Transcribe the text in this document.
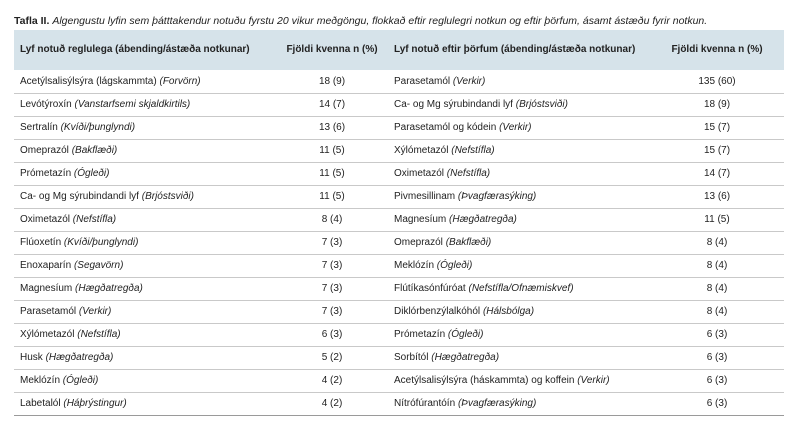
Tafla II. Algengustu lyfin sem þátttakendur notuðu fyrstu 20 vikur meðgöngu, flokkað eftir reglulegri notkun og eftir þörfum, ásamt ástæðu fyrir notkun.
Lyf notuð reglulega (ábending/ástæða notkunar)	Fjöldi kvenna n (%)	Lyf notuð eftir þörfum (ábending/ástæða notkunar)	Fjöldi kvenna n (%)
Acetýlsalisýlsýra (lágskammta) (Forvörn)	18 (9)	Parasetamól (Verkir)	135 (60)
Levótýroxín (Vanstarfsemi skjaldkirtils)	14 (7)	Ca- og Mg sýrubindandi lyf (Brjóstsviði)	18 (9)
Sertralín (Kvíði/þunglyndi)	13 (6)	Parasetamól og kódein (Verkir)	15 (7)
Omeprazól (Bakflæði)	11 (5)	Xýlómetazól (Nefstífla)	15 (7)
Prómetazín (Ógleði)	11 (5)	Oximetazól (Nefstífla)	14 (7)
Ca- og Mg sýrubindandi lyf (Brjóstsviði)	11 (5)	Pivmesillinam (Þvagfærasýking)	13 (6)
Oximetazól (Nefstífla)	8 (4)	Magnesíum (Hægðatregða)	11 (5)
Flúoxetín (Kvíði/þunglyndi)	7 (3)	Omeprazól (Bakflæði)	8 (4)
Enoxaparín (Segavörn)	7 (3)	Meklózín (Ógleði)	8 (4)
Magnesíum (Hægðatregða)	7 (3)	Flútíkasónfúróat (Nefstífla/Ofnæmiskvef)	8 (4)
Parasetamól (Verkir)	7 (3)	Diklórbenzýlalkóhól (Hálsbólga)	8 (4)
Xýlómetazól (Nefstífla)	6 (3)	Prómetazín (Ógleði)	6 (3)
Husk (Hægðatregða)	5 (2)	Sorbítól (Hægðatregða)	6 (3)
Meklózín (Ógleði)	4 (2)	Acetýlsalisýlsýra (háskammta) og koffein (Verkir)	6 (3)
Labetalól (Háþrýstingur)	4 (2)	Nítrófúrantóín (Þvagfærasýking)	6 (3)
